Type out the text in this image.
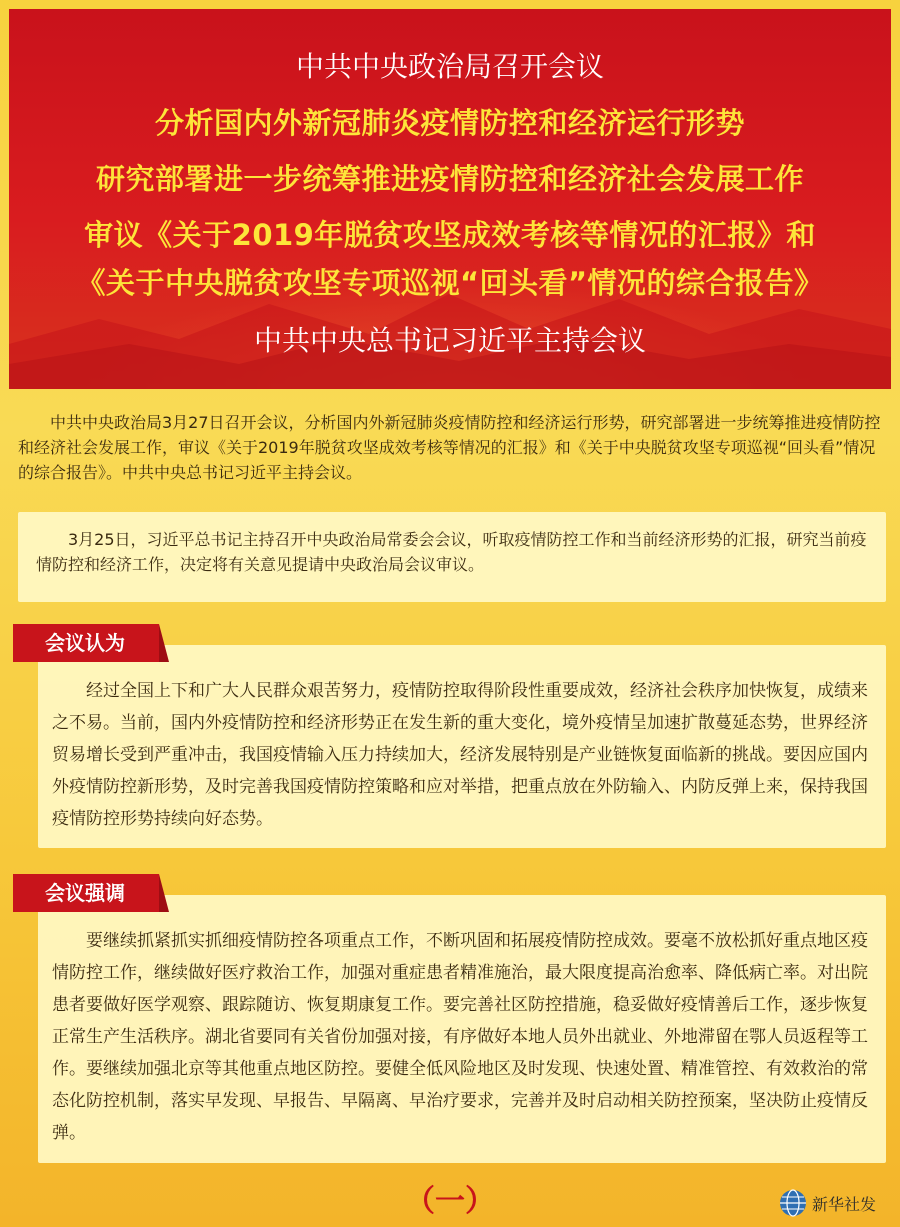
中共中央政治局召开会议
分析国内外新冠肺炎疫情防控和经济运行形势
研究部署进一步统筹推进疫情防控和经济社会发展工作
审议《关于2019年脱贫攻坚成效考核等情况的汇报》和
《关于中央脱贫攻坚专项巡视“回头看”情况的综合报告》
中共中央总书记习近平主持会议
中共中央政治局3月27日召开会议，分析国内外新冠肺炎疫情防控和经济运行形势，研究部署进一步统筹推进疫情防控和经济社会发展工作，审议《关于2019年脱贫攻坚成效考核等情况的汇报》和《关于中央脱贫攻坚专项巡视“回头看”情况的综合报告》。中共中央总书记习近平主持会议。
3月25日，习近平总书记主持召开中央政治局常委会会议，听取疫情防控工作和当前经济形势的汇报，研究当前疫情防控和经济工作，决定将有关意见提请中央政治局会议审议。
经过全国上下和广大人民群众艰苦努力，疫情防控取得阶段性重要成效，经济社会秩序加快恢复，成绩来之不易。当前，国内外疫情防控和经济形势正在发生新的重大变化，境外疫情呈加速扩散蔓延态势，世界经济贸易增长受到严重冲击，我国疫情输入压力持续加大，经济发展特别是产业链恢复面临新的挑战。要因应国内外疫情防控新形势，及时完善我国疫情防控策略和应对举措，把重点放在外防输入、内防反弹上来，保持我国疫情防控形势持续向好态势。
会议认为
要继续抓紧抓实抓细疫情防控各项重点工作，不断巩固和拓展疫情防控成效。要毫不放松抓好重点地区疫情防控工作，继续做好医疗救治工作，加强对重症患者精准施治，最大限度提高治愈率、降低病亡率。对出院患者要做好医学观察、跟踪随访、恢复期康复工作。要完善社区防控措施，稳妥做好疫情善后工作，逐步恢复正常生产生活秩序。湖北省要同有关省份加强对接，有序做好本地人员外出就业、外地滞留在鄂人员返程等工作。要继续加强北京等其他重点地区防控。要健全低风险地区及时发现、快速处置、精准管控、有效救治的常态化防控机制，落实早发现、早报告、早隔离、早治疗要求，完善并及时启动相关防控预案，坚决防止疫情反弹。
会议强调
（一）	新华社发
